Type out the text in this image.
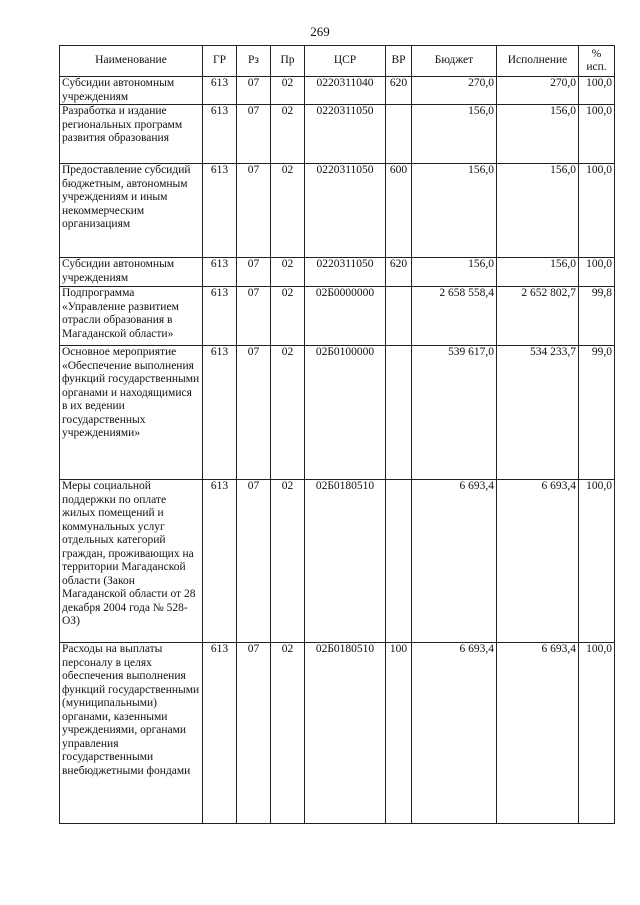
269
Наименование	ГР	Рз	Пр	ЦСР	ВР	Бюджет	Исполнение	%
исп.

Субсидии автономным учреждениям	613	07	02	0220311040	620	270,0	270,0	100,0
Разработка и издание региональных программ развития образования	613	07	02	0220311050		156,0	156,0	100,0
Предоставление субсидий бюджетным, автономным учреждениям и иным некоммерческим организациям	613	07	02	0220311050	600	156,0	156,0	100,0
Субсидии автономным учреждениям	613	07	02	0220311050	620	156,0	156,0	100,0
Подпрограмма «Управление развитием отрасли образования в Магаданской области»	613	07	02	02Б0000000		2 658 558,4	2 652 802,7	99,8
Основное мероприятие «Обеспечение выполнения функций государственными органами и находящимися в их ведении государственных учреждениями»	613	07	02	02Б0100000		539 617,0	534 233,7	99,0
Меры социальной поддержки по оплате жилых помещений и коммунальных услуг отдельных категорий граждан, проживающих на территории Магаданской области (Закон Магаданской области от 28 декабря 2004 года № 528-ОЗ)	613	07	02	02Б0180510		6 693,4	6 693,4	100,0
Расходы на выплаты персоналу в целях обеспечения выполнения функций государственными (муниципальными) органами, казенными учреждениями, органами управления государственными внебюджетными фондами	613	07	02	02Б0180510	100	6 693,4	6 693,4	100,0
